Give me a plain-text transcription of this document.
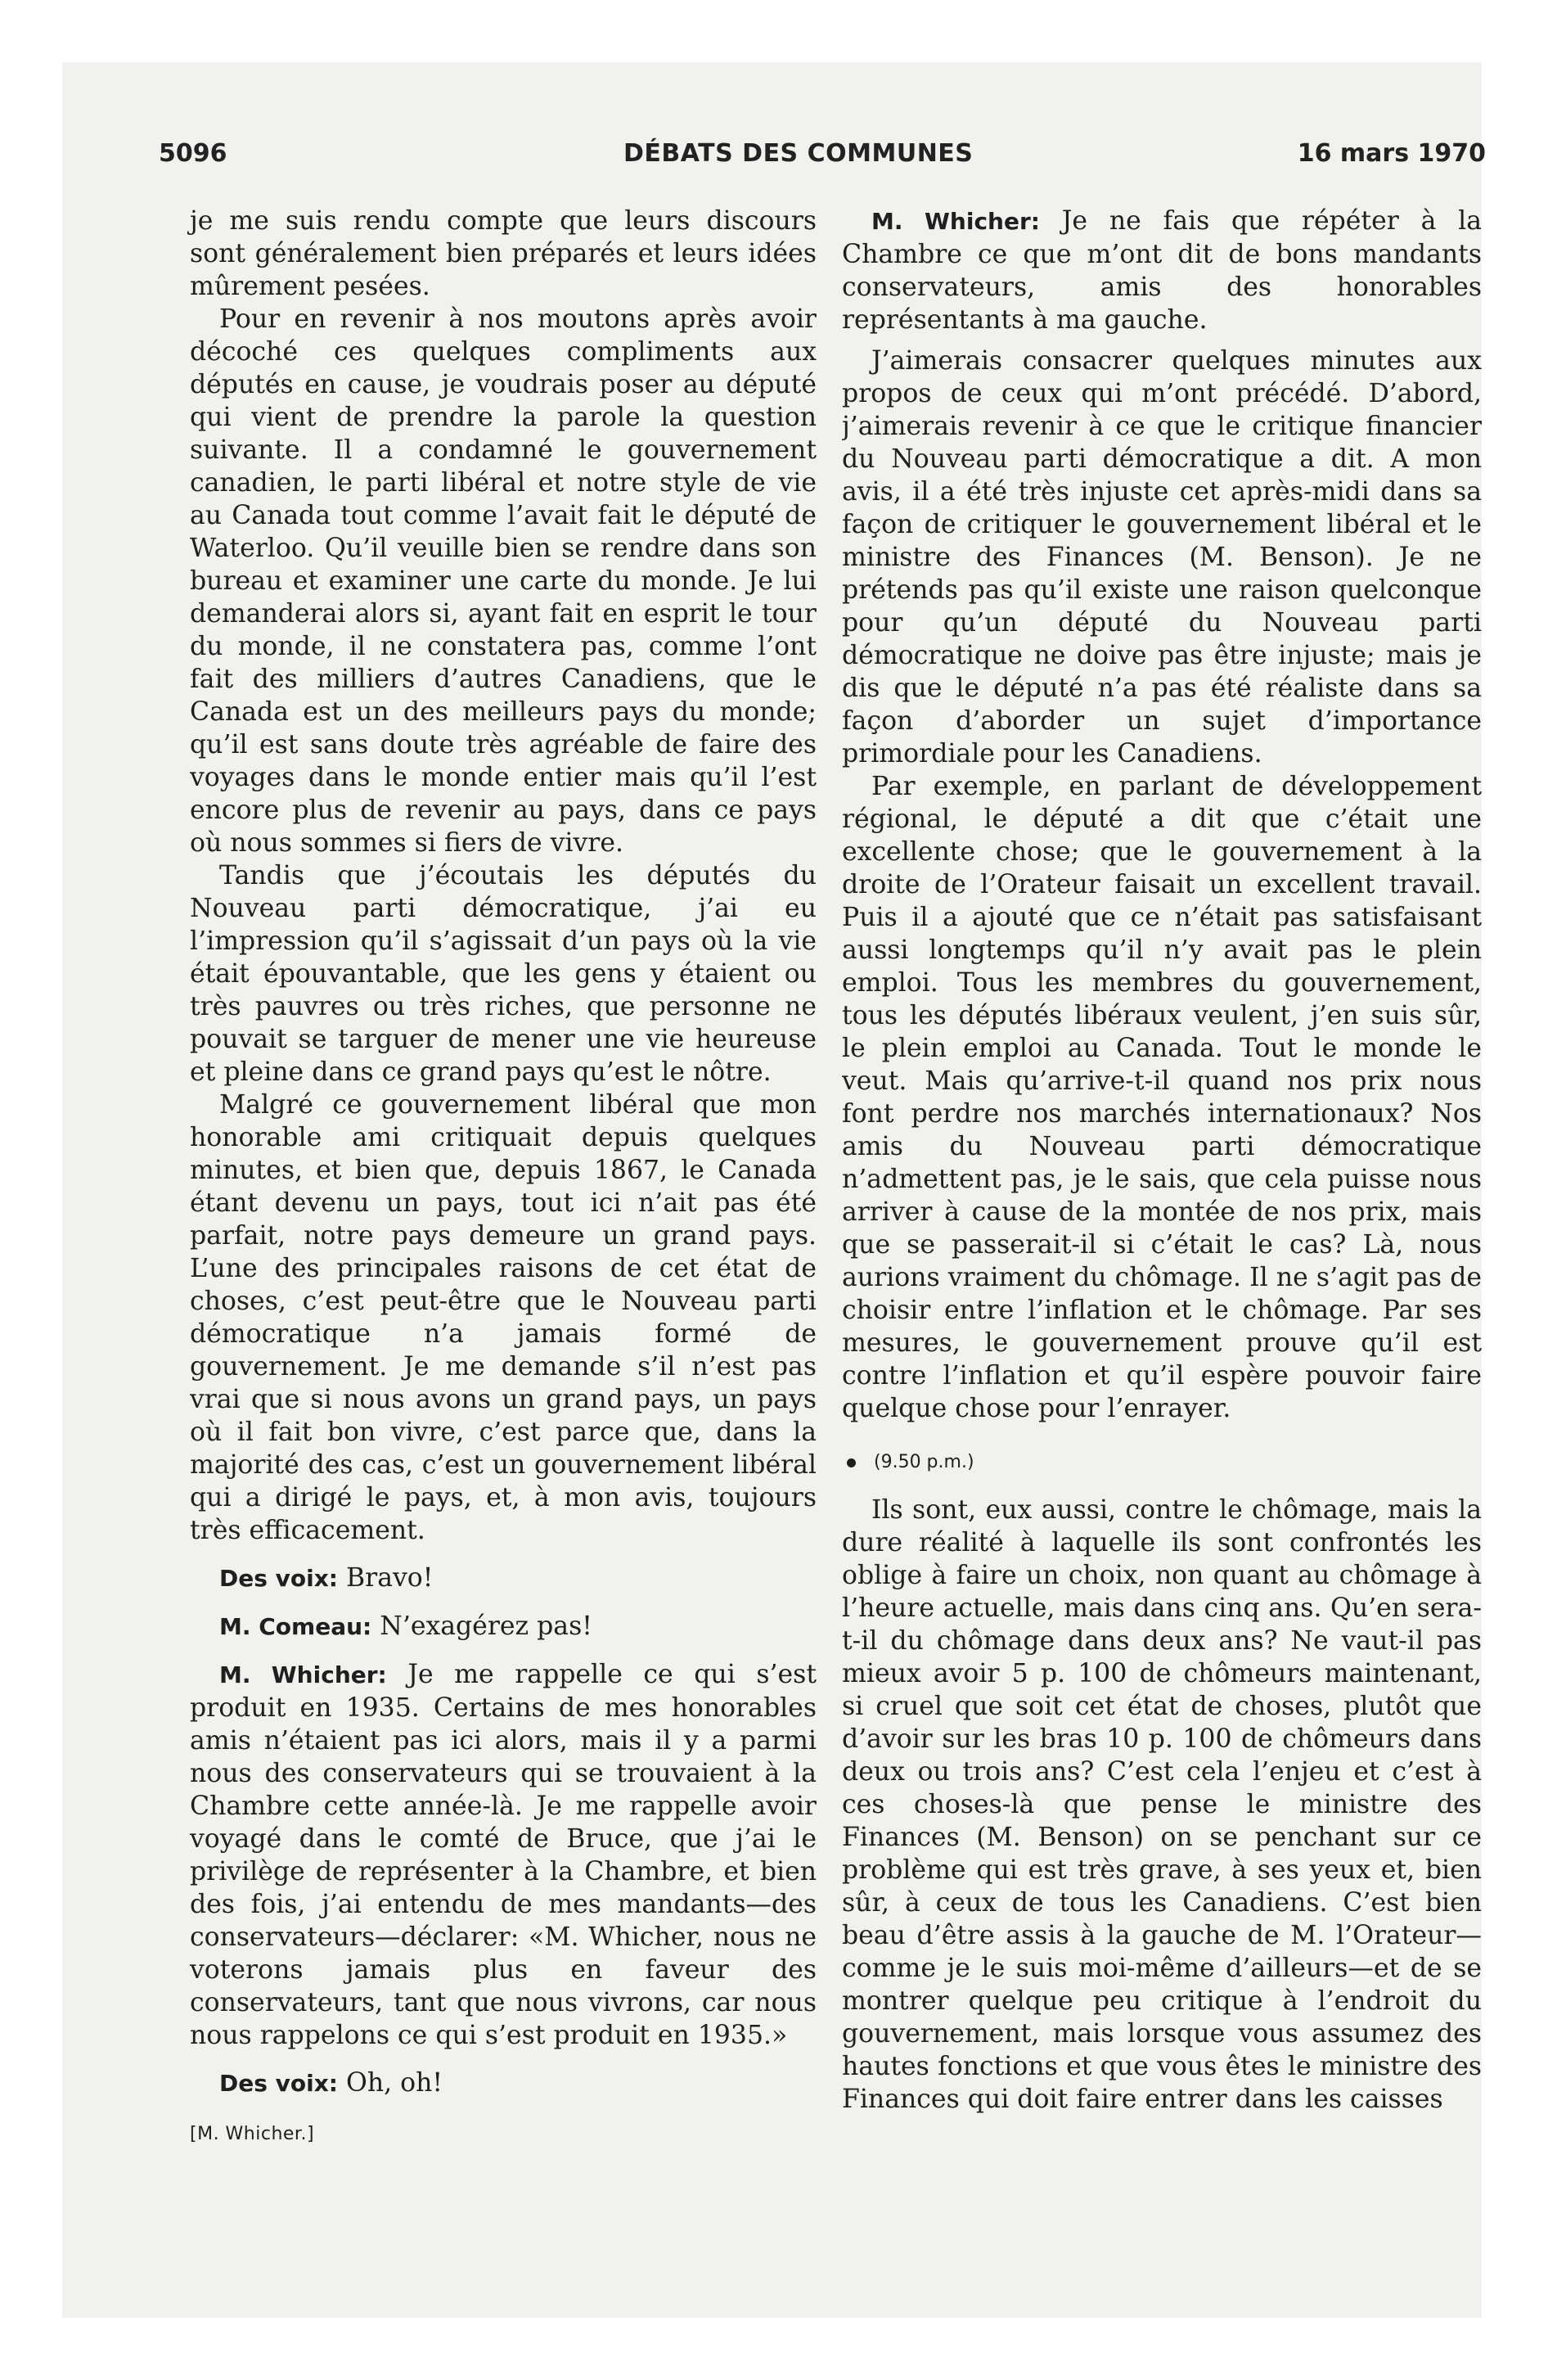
5096	DÉBATS DES COMMUNES	16 mars 1970

je me suis rendu compte que leurs discours sont généralement bien préparés et leurs idées mûrement pesées.

Pour en revenir à nos moutons après avoir décoché ces quelques compliments aux députés en cause, je voudrais poser au député qui vient de prendre la parole la question suivante. Il a condamné le gouvernement canadien, le parti libéral et notre style de vie au Canada tout comme l’avait fait le député de Waterloo. Qu’il veuille bien se rendre dans son bureau et examiner une carte du monde. Je lui demanderai alors si, ayant fait en esprit le tour du monde, il ne constatera pas, comme l’ont fait des milliers d’autres Canadiens, que le Canada est un des meilleurs pays du monde; qu’il est sans doute très agréable de faire des voyages dans le monde entier mais qu’il l’est encore plus de revenir au pays, dans ce pays où nous sommes si fiers de vivre.

Tandis que j’écoutais les députés du Nouveau parti démocratique, j’ai eu l’impression qu’il s’agissait d’un pays où la vie était épouvantable, que les gens y étaient ou très pauvres ou très riches, que personne ne pouvait se targuer de mener une vie heureuse et pleine dans ce grand pays qu’est le nôtre.

Malgré ce gouvernement libéral que mon honorable ami critiquait depuis quelques minutes, et bien que, depuis 1867, le Canada étant devenu un pays, tout ici n’ait pas été parfait, notre pays demeure un grand pays. L’une des principales raisons de cet état de choses, c’est peut-être que le Nouveau parti démocratique n’a jamais formé de gouvernement. Je me demande s’il n’est pas vrai que si nous avons un grand pays, un pays où il fait bon vivre, c’est parce que, dans la majorité des cas, c’est un gouvernement libéral qui a dirigé le pays, et, à mon avis, toujours très efficacement.

Des voix: Bravo!

M. Comeau: N’exagérez pas!

M. Whicher: Je me rappelle ce qui s’est produit en 1935. Certains de mes honorables amis n’étaient pas ici alors, mais il y a parmi nous des conservateurs qui se trouvaient à la Chambre cette année-là. Je me rappelle avoir voyagé dans le comté de Bruce, que j’ai le privilège de représenter à la Chambre, et bien des fois, j’ai entendu de mes mandants—des conservateurs—déclarer: «M. Whicher, nous ne voterons jamais plus en faveur des conservateurs, tant que nous vivrons, car nous nous rappelons ce qui s’est produit en 1935.»

Des voix: Oh, oh!

[M. Whicher.]

M. Whicher: Je ne fais que répéter à la Chambre ce que m’ont dit de bons mandants conservateurs, amis des honorables représentants à ma gauche.

J’aimerais consacrer quelques minutes aux propos de ceux qui m’ont précédé. D’abord, j’aimerais revenir à ce que le critique financier du Nouveau parti démocratique a dit. A mon avis, il a été très injuste cet après-midi dans sa façon de critiquer le gouvernement libéral et le ministre des Finances (M. Benson). Je ne prétends pas qu’il existe une raison quelconque pour qu’un député du Nouveau parti démocratique ne doive pas être injuste; mais je dis que le député n’a pas été réaliste dans sa façon d’aborder un sujet d’importance primordiale pour les Canadiens.

Par exemple, en parlant de développement régional, le député a dit que c’était une excellente chose; que le gouvernement à la droite de l’Orateur faisait un excellent travail. Puis il a ajouté que ce n’était pas satisfaisant aussi longtemps qu’il n’y avait pas le plein emploi. Tous les membres du gouvernement, tous les députés libéraux veulent, j’en suis sûr, le plein emploi au Canada. Tout le monde le veut. Mais qu’arrive-t-il quand nos prix nous font perdre nos marchés internationaux? Nos amis du Nouveau parti démocratique n’admettent pas, je le sais, que cela puisse nous arriver à cause de la montée de nos prix, mais que se passerait-il si c’était le cas? Là, nous aurions vraiment du chômage. Il ne s’agit pas de choisir entre l’inflation et le chômage. Par ses mesures, le gouvernement prouve qu’il est contre l’inflation et qu’il espère pouvoir faire quelque chose pour l’enrayer.

(9.50 p.m.)

Ils sont, eux aussi, contre le chômage, mais la dure réalité à laquelle ils sont confrontés les oblige à faire un choix, non quant au chômage à l’heure actuelle, mais dans cinq ans. Qu’en sera-t-il du chômage dans deux ans? Ne vaut-il pas mieux avoir 5 p. 100 de chômeurs maintenant, si cruel que soit cet état de choses, plutôt que d’avoir sur les bras 10 p. 100 de chômeurs dans deux ou trois ans? C’est cela l’enjeu et c’est à ces choses-là que pense le ministre des Finances (M. Benson) on se penchant sur ce problème qui est très grave, à ses yeux et, bien sûr, à ceux de tous les Canadiens. C’est bien beau d’être assis à la gauche de M. l’Orateur—comme je le suis moi-même d’ailleurs—et de se montrer quelque peu critique à l’endroit du gouvernement, mais lorsque vous assumez des hautes fonctions et que vous êtes le ministre des Finances qui doit faire entrer dans les caisses
